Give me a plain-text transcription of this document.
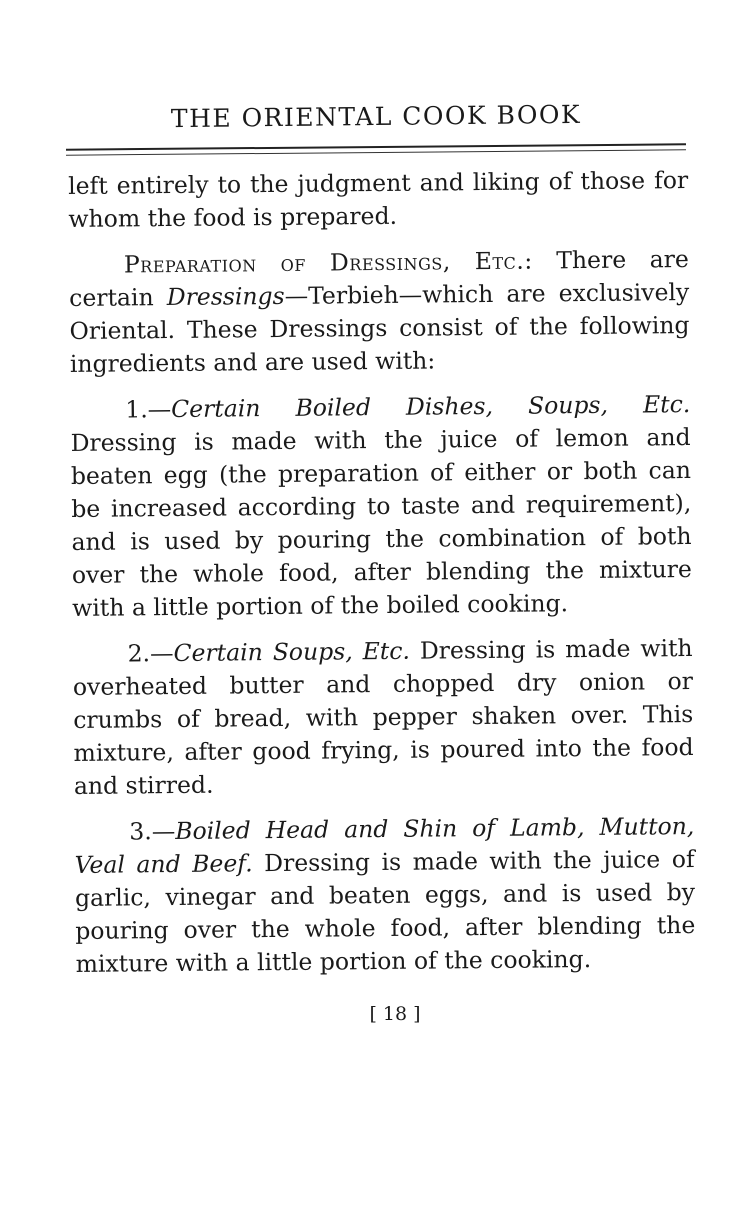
THE ORIENTAL COOK BOOK

left entirely to the judgment and liking of those for whom the food is prepared.

Preparation of Dressings, Etc.: There are certain Dressings—Terbieh—which are exclusively Oriental. These Dressings consist of the following ingredients and are used with:

1.—Certain Boiled Dishes, Soups, Etc. Dressing is made with the juice of lemon and beaten egg (the preparation of either or both can be increased according to taste and requirement), and is used by pouring the combination of both over the whole food, after blending the mixture with a little portion of the boiled cooking.

2.—Certain Soups, Etc. Dressing is made with overheated butter and chopped dry onion or crumbs of bread, with pepper shaken over. This mixture, after good frying, is poured into the food and stirred.

3.—Boiled Head and Shin of Lamb, Mutton, Veal and Beef. Dressing is made with the juice of garlic, vinegar and beaten eggs, and is used by pouring over the whole food, after blending the mixture with a little portion of the cooking.

[ 18 ]
